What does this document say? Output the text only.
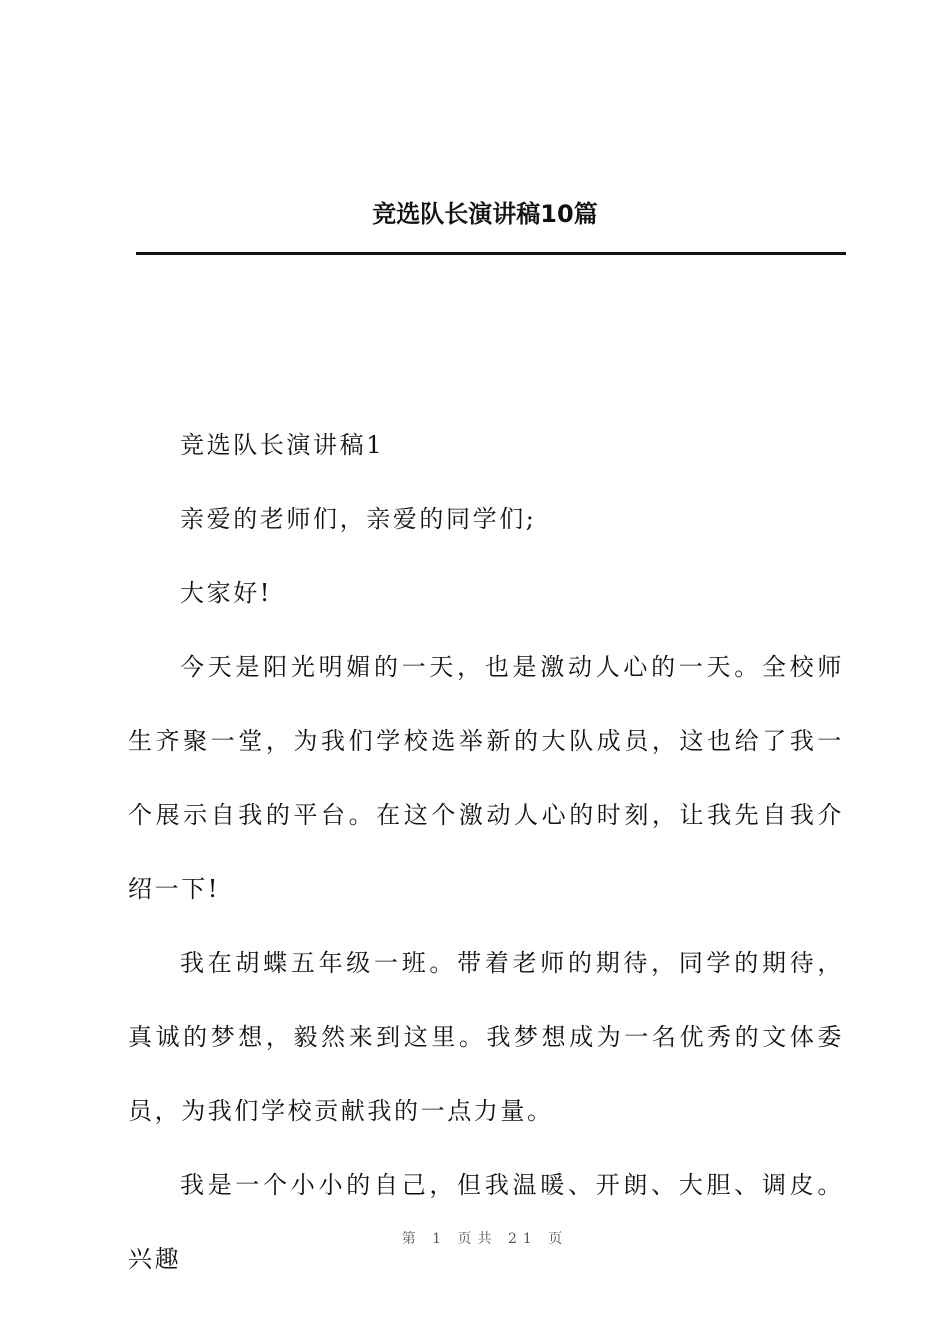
竞选队长演讲稿10篇

竞选队长演讲稿1

亲爱的老师们，亲爱的同学们;

大家好!

今天是阳光明媚的一天，也是激动人心的一天。全校师生齐聚一堂，为我们学校选举新的大队成员，这也给了我一个展示自我的平台。在这个激动人心的时刻，让我先自我介绍一下!

我在胡蝶五年级一班。带着老师的期待，同学的期待，真诚的梦想，毅然来到这里。我梦想成为一名优秀的文体委员，为我们学校贡献我的一点力量。

我是一个小小的自己，但我温暖、开朗、大胆、调皮。兴趣

第 1 页共 21 页
